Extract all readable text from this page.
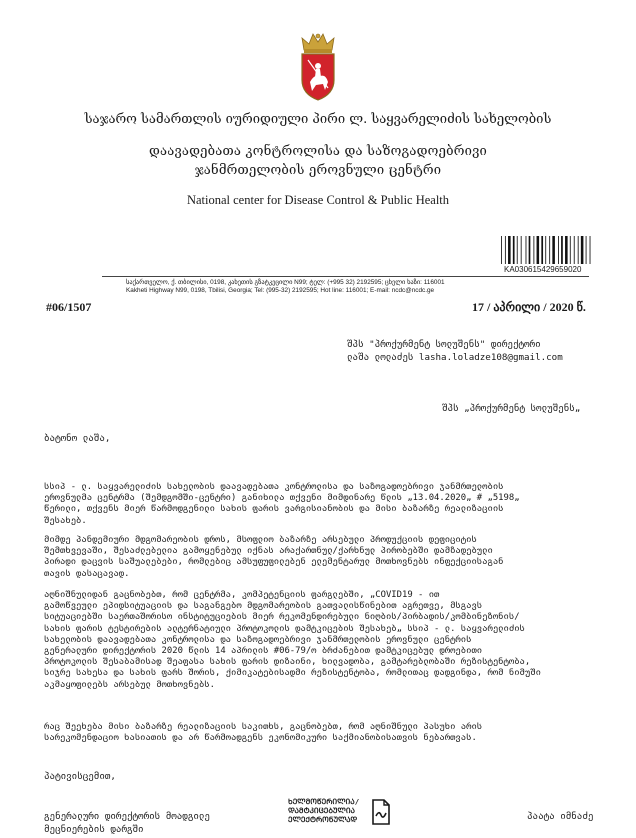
საჯარო სამართლის იურიდიული პირი ლ. საყვარელიძის სახელობის
დაავადებათა კონტროლისა და საზოგადოებრივი
ჯანმრთელობის ეროვნული ცენტრი
National center for Disease Control & Public Health
KA030615429659020
საქართველო, ქ. თბილისი, 0198, კახეთის გზატკეცილი N99; ტელ: (+995 32) 2192595; ცხელი ხაზი: 116001
Kakheti Highway N99, 0198, Tbilisi, Georgia; Tel: (995-32) 2192595; Hot line: 116001; E-mail: ncdc@ncdc.ge
#06/1507	17 / აპრილი / 2020 წ.
შპს "პროქურმენტ სოლუშენს" დირექტორი
ლაშა ლოლაძეს lasha.loladze108@gmail.com
შპს „პროქურმენტ სოლუშენს„
ბატონო ლაშა,
სსიპ - ლ. საყვარელიძის სახელობის დაავადებათა კონტროლისა და საზოგადოებრივი ჯანმრთელობის
ეროვნულმა ცენტრმა (შემდგომში-ცენტრი) განიხილა თქვენი მიმდინარე წლის „13.04.2020„ # „5198„
წერილი, თქვენს მიერ წარმოდგენილი სახის ფარის ვარგისიანობის და მისი ბაზარზე რეალიზაციის
შესახებ.
მიმდე პანდემიური მდგომარეობის დროს, მსოფლიო ბაზარზე არსებული პროდუქციის დეფიციტის
შემთხვევაში, შესაძლებელია გამოყენებულ იქნას არაქართნულ/ქარხნულ პირობებში დამზადებული
პირადი დაცვის საშუალებები, რომლებიც ამსუფუფილებენ ელემენტარულ მოთხოვნებს ინფექციისაგან
თავის დასაცავად.
აღნიშნულიდან გაცნობებთ, რომ ცენტრმა, კომპეტენციის ფარგლებში, „COVID19 - ით
გამოწვეული ეპიდსიტუაციის და საგანგებო მდგომარეობის გათვალისწინებით აგრეთვე, მსგავს
სიტუაციებში საერთაშორისო ინსტიტუციების მიერ რეკომენდირებული ნიღბის/პირბადის/კომბინეზონის/
სახის ფარის ტესტირების ალტერნატიული პროტოკოლის დამტკიცების შესახებ„ სსიპ - ლ. საყვარელიძის
სახელობის დაავადებათა კონტროლისა და საზოგადოებრივი ჯანმრთელობის ეროვნული ცენტრის
გენერალური დირექტორის 2020 წლის 14 აპრილის #06-79/ო ბრძანებით დამტკიცებულ დროებითი
პროტოკოლის შესაბამისად შეაფასა სახის ფარის დიზაინი, ხილვადობა, გამტარებლობაში რეზისტენტობა,
სიჯრე სახესა და სახის ფარს შორის, ქიმიკატებისადმი რეზისტენტობა, რომლითაც დადგინდა, რომ ნიმუში
აკმაყოფილებს არსებულ მოთხოვნებს.
რაც შეეხება მისი ბაზარზე რეალიზაციის საკითხს, გაცნობებთ, რომ აღნიშნული პასუხი არის
სარეკომენდაციო ხასიათის და არ წარმოადგენს ეკონომიკური საქმიანობისათვის ნებართვას.
პატივისცემით,
გენერალური დირექტორის მოადგილე
მეცნიერების დარგში
პაატა იმნაძე
ᲮᲔᲚᲛᲝᲬᲔᲠᲘᲚᲘᲐ/
ᲓᲐᲛᲢᲙᲘᲪᲔᲑᲣᲚᲘᲐ
ᲔᲚᲔᲥᲢᲠᲝᲜᲣᲚᲐᲓ
